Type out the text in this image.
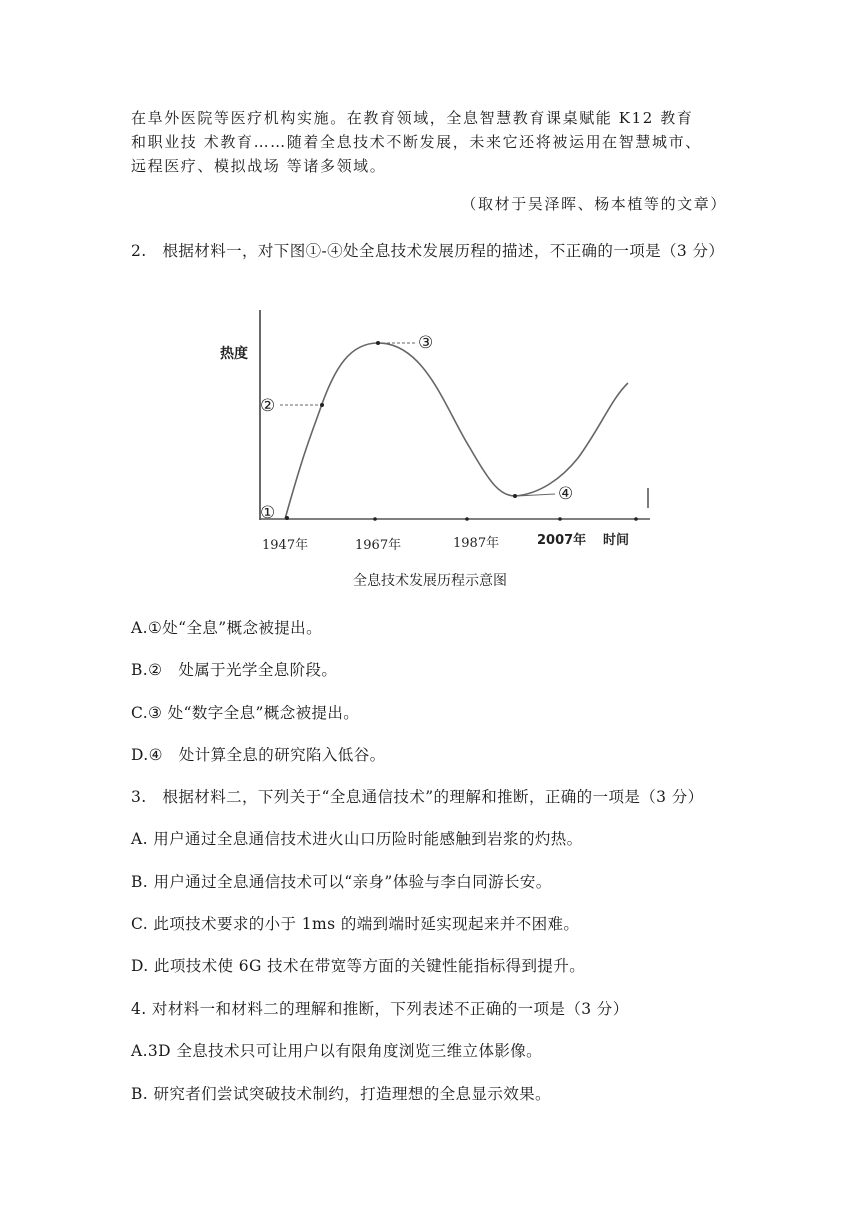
在阜外医院等医疗机构实施。在教育领域，全息智慧教育课桌赋能 K12 教育
和职业技 术教育……随着全息技术不断发展，未来它还将被运用在智慧城市、
远程医疗、模拟战场 等诸多领域。
（取材于吴泽晖、杨本植等的文章）
2.　根据材料一，对下图①-④处全息技术发展历程的描述，不正确的一项是（3 分）
热度
①
②
③
④
1947年	1967年	1987年	2007年 时间
全息技术发展历程示意图
A.①处“全息”概念被提出。
B.②　处属于光学全息阶段。
C.③ 处“数字全息”概念被提出。
D.④　处计算全息的研究陷入低谷。
3.　根据材料二，下列关于“全息通信技术”的理解和推断，正确的一项是（3 分）
A. 用户通过全息通信技术进火山口历险时能感触到岩浆的灼热。
B. 用户通过全息通信技术可以“亲身”体验与李白同游长安。
C. 此项技术要求的小于 1ms 的端到端时延实现起来并不困难。
D. 此项技术使 6G 技术在带宽等方面的关键性能指标得到提升。
4. 对材料一和材料二的理解和推断，下列表述不正确的一项是（3 分）
A.3D 全息技术只可让用户以有限角度浏览三维立体影像。
B. 研究者们尝试突破技术制约，打造理想的全息显示效果。
